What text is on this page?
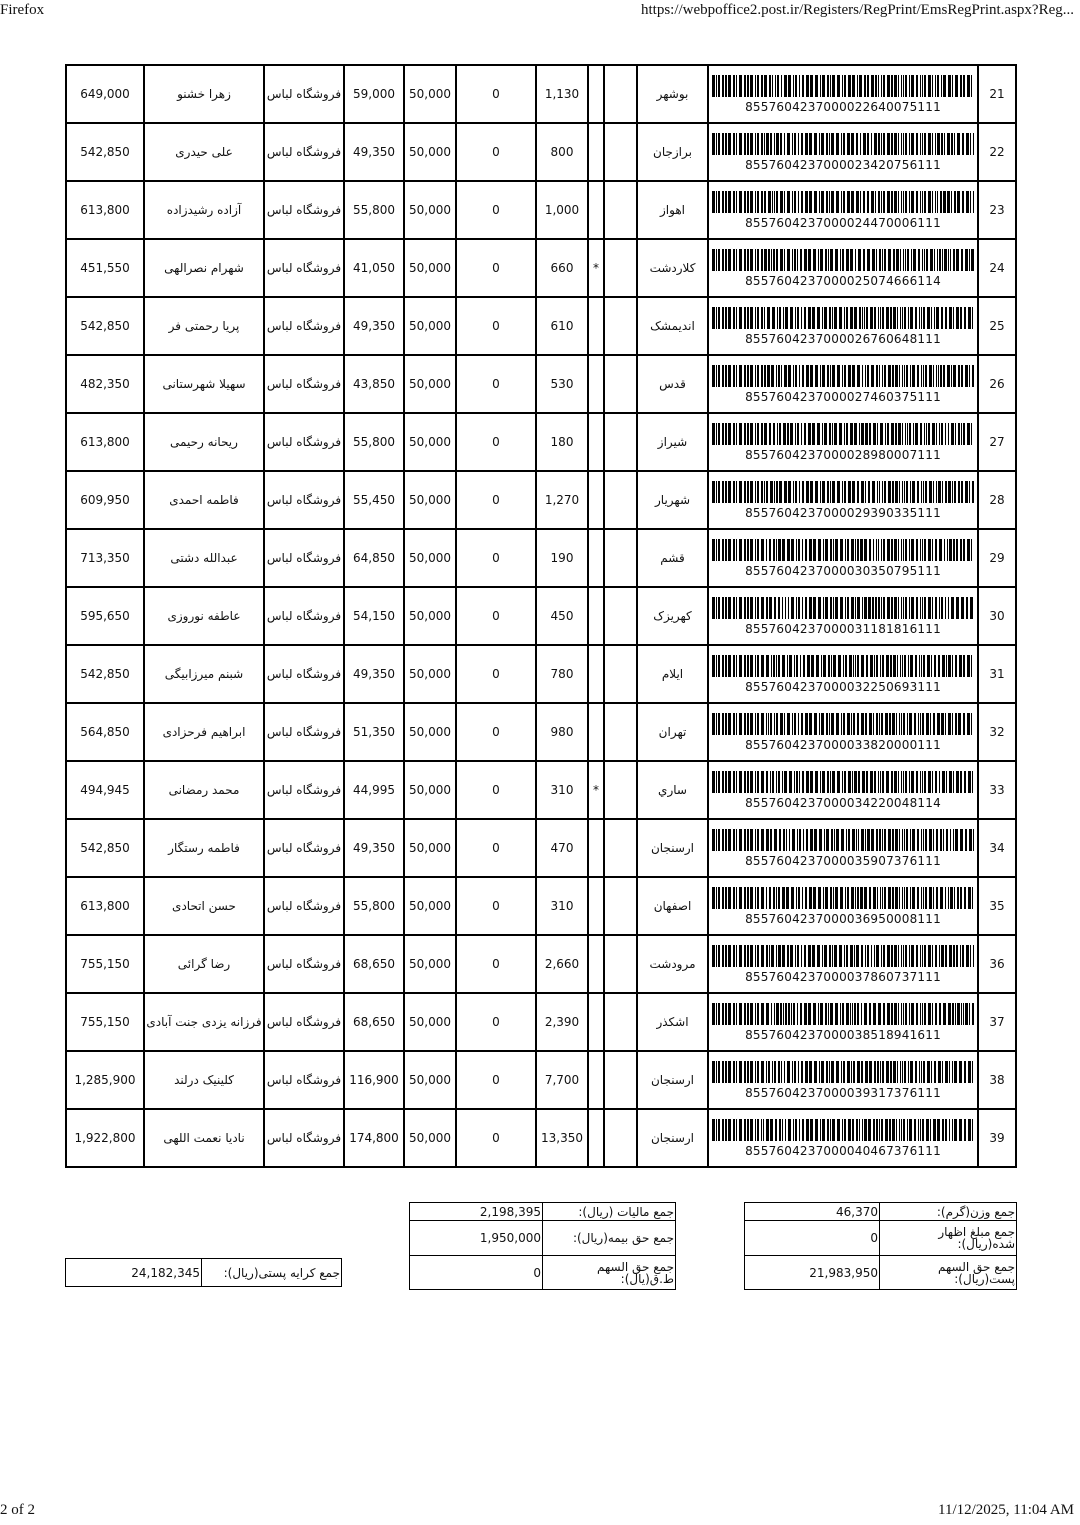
Firefox	https://webpoffice2.post.ir/Registers/RegPrint/EmsRegPrint.aspx?Reg...
649,000	زهرا خشنو	فروشگاه لباس	59,000	50,000	0	1,130			بوشهر	8557604237000022640075111	21
542,850	علی حیدری	فروشگاه لباس	49,350	50,000	0	800			برازجان	8557604237000023420756111	22
613,800	آزاده رشیدزاده	فروشگاه لباس	55,800	50,000	0	1,000			اهواز	8557604237000024470006111	23
451,550	شهرام نصرالهی	فروشگاه لباس	41,050	50,000	0	660	*		کلاردشت	8557604237000025074666114	24
542,850	پریا رحمتی فر	فروشگاه لباس	49,350	50,000	0	610			اندیمشک	8557604237000026760648111	25
482,350	سهیلا شهرستانی	فروشگاه لباس	43,850	50,000	0	530			قدس	8557604237000027460375111	26
613,800	ریحانه رحیمی	فروشگاه لباس	55,800	50,000	0	180			شیراز	8557604237000028980007111	27
609,950	فاطمه احمدی	فروشگاه لباس	55,450	50,000	0	1,270			شهریار	8557604237000029390335111	28
713,350	عبدالله دشتی	فروشگاه لباس	64,850	50,000	0	190			قشم	8557604237000030350795111	29
595,650	عاطفه نوروزی	فروشگاه لباس	54,150	50,000	0	450			کهریزک	8557604237000031181816111	30
542,850	شبنم میرزابیگی	فروشگاه لباس	49,350	50,000	0	780			ایلام	8557604237000032250693111	31
564,850	ابراهیم فرحزادی	فروشگاه لباس	51,350	50,000	0	980			تهران	8557604237000033820000111	32
494,945	محمد رمضانی	فروشگاه لباس	44,995	50,000	0	310	*		ساري	8557604237000034220048114	33
542,850	فاطمه رستگار	فروشگاه لباس	49,350	50,000	0	470			ارسنجان	8557604237000035907376111	34
613,800	حسن اتحادی	فروشگاه لباس	55,800	50,000	0	310			اصفهان	8557604237000036950008111	35
755,150	رضا گرائی	فروشگاه لباس	68,650	50,000	0	2,660			مرودشت	8557604237000037860737111	36
755,150	فرزانه یزدی جنت آبادی	فروشگاه لباس	68,650	50,000	0	2,390			اشکذر	8557604237000038518941611	37
1,285,900	کلینیک درلند	فروشگاه لباس	116,900	50,000	0	7,700			ارسنجان	8557604237000039317376111	38
1,922,800	نادیا نعمت اللهی	فروشگاه لباس	174,800	50,000	0	13,350			ارسنجان	8557604237000040467376111	39
24,182,345	جمع کرایه پستی(ریال):
2,198,395	جمع مالیات (ریال):
1,950,000	جمع حق بیمه(ریال):
0	جمع حق السهم ط.ق(یال):
46,370	جمع وزن(گرم):
0	جمع مبلغ اظهار شده(ریال):
21,983,950	جمع حق السهم پست(ریال):
2 of 2	11/12/2025, 11:04 AM
